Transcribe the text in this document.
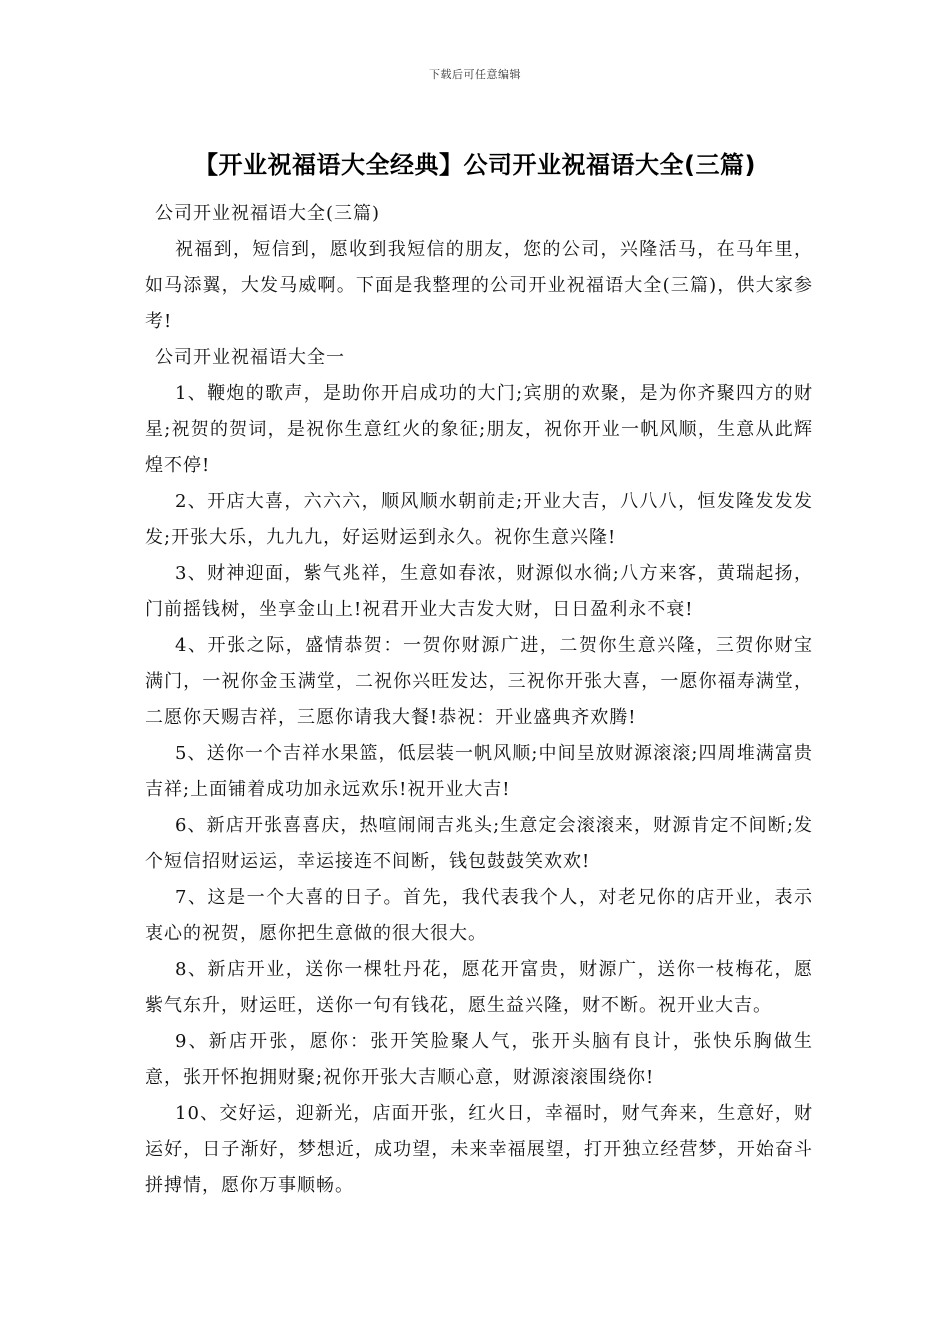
下载后可任意编辑
【开业祝福语大全经典】公司开业祝福语大全(三篇)

公司开业祝福语大全(三篇)

祝福到，短信到，愿收到我短信的朋友，您的公司，兴隆活马，在马年里，如马添翼，大发马威啊。下面是我整理的公司开业祝福语大全(三篇)，供大家参考!

公司开业祝福语大全一

1、鞭炮的歌声，是助你开启成功的大门;宾朋的欢聚，是为你齐聚四方的财星;祝贺的贺词，是祝你生意红火的象征;朋友，祝你开业一帆风顺，生意从此辉煌不停!

2、开店大喜，六六六，顺风顺水朝前走;开业大吉，八八八，恒发隆发发发发;开张大乐，九九九，好运财运到永久。祝你生意兴隆!

3、财神迎面，紫气兆祥，生意如春浓，财源似水徜;八方来客，黄瑞起扬，门前摇钱树，坐享金山上!祝君开业大吉发大财，日日盈利永不衰!

4、开张之际，盛情恭贺：一贺你财源广进，二贺你生意兴隆，三贺你财宝满门，一祝你金玉满堂，二祝你兴旺发达，三祝你开张大喜，一愿你福寿满堂，二愿你天赐吉祥，三愿你请我大餐!恭祝：开业盛典齐欢腾!

5、送你一个吉祥水果篮，低层装一帆风顺;中间呈放财源滚滚;四周堆满富贵吉祥;上面铺着成功加永远欢乐!祝开业大吉!

6、新店开张喜喜庆，热喧闹闹吉兆头;生意定会滚滚来，财源肯定不间断;发个短信招财运运，幸运接连不间断，钱包鼓鼓笑欢欢!

7、这是一个大喜的日子。首先，我代表我个人，对老兄你的店开业，表示衷心的祝贺，愿你把生意做的很大很大。

8、新店开业，送你一棵牡丹花，愿花开富贵，财源广，送你一枝梅花，愿紫气东升，财运旺，送你一句有钱花，愿生益兴隆，财不断。祝开业大吉。

9、新店开张，愿你：张开笑脸聚人气，张开头脑有良计，张快乐胸做生意，张开怀抱拥财聚;祝你开张大吉顺心意，财源滚滚围绕你!

10、交好运，迎新光，店面开张，红火日，幸福时，财气奔来，生意好，财运好，日子渐好，梦想近，成功望，未来幸福展望，打开独立经营梦，开始奋斗拼搏情，愿你万事顺畅。
